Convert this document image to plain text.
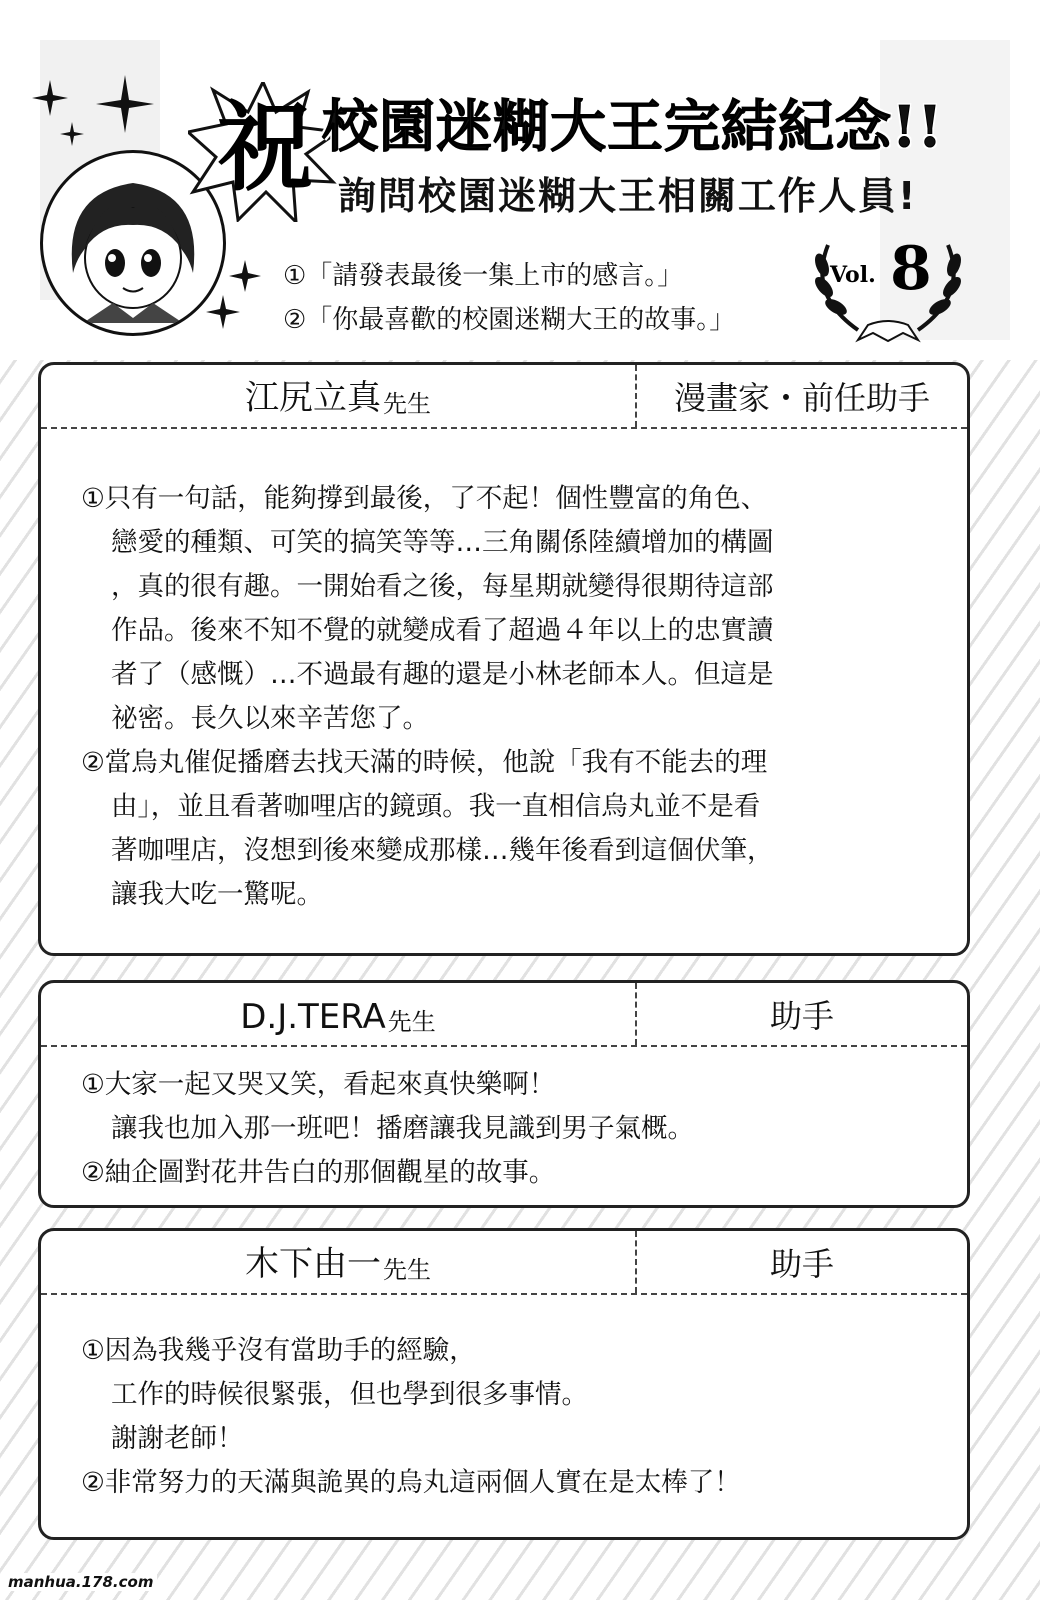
祝 校園迷糊大王完結紀念!!
詢問校園迷糊大王相關工作人員!
①「請發表最後一集上市的感言。」
②「你最喜歡的校園迷糊大王的故事。」
Vol. 8
江尻立真 先生	漫畫家・前任助手
①只有一句話，能夠撐到最後，了不起！個性豐富的角色、
戀愛的種類、可笑的搞笑等等…三角關係陸續增加的構圖
，真的很有趣。一開始看之後，每星期就變得很期待這部
作品。後來不知不覺的就變成看了超過４年以上的忠實讀
者了（感慨）…不過最有趣的還是小林老師本人。但這是
祕密。長久以來辛苦您了。
②當烏丸催促播磨去找天滿的時候，他說「我有不能去的理
由」，並且看著咖哩店的鏡頭。我一直相信烏丸並不是看
著咖哩店，沒想到後來變成那樣…幾年後看到這個伏筆，
讓我大吃一驚呢。
D.J.TERA 先生	助手
①大家一起又哭又笑，看起來真快樂啊！
讓我也加入那一班吧！播磨讓我見識到男子氣概。
②紬企圖對花井告白的那個觀星的故事。
木下由一 先生	助手
①因為我幾乎沒有當助手的經驗，
工作的時候很緊張，但也學到很多事情。
謝謝老師！
②非常努力的天滿與詭異的烏丸這兩個人實在是太棒了！
manhua.178.com
